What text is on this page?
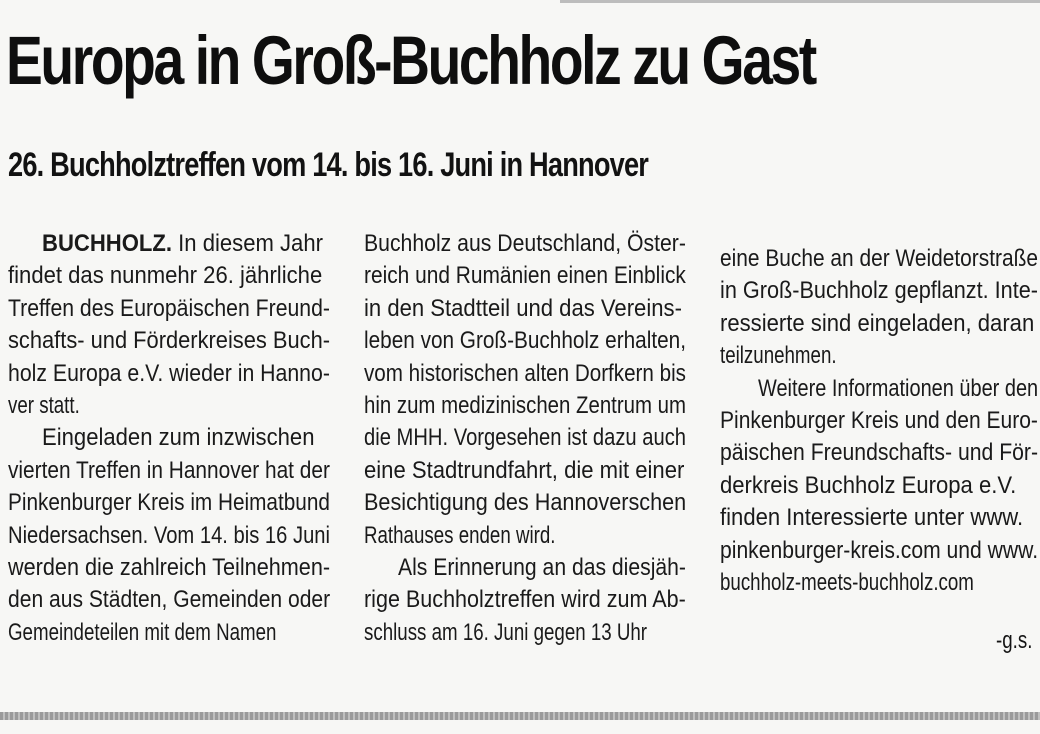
Europa in Groß-Buchholz zu Gast
26. Buchholztreffen vom 14. bis 16. Juni in Hannover
BUCHHOLZ. In diesem Jahr
findet das nunmehr 26. jährliche
Treffen des Europäischen Freund-
schafts- und Förderkreises Buch-
holz Europa e.V. wieder in Hanno-
ver statt.
Eingeladen zum inzwischen
vierten Treffen in Hannover hat der
Pinkenburger Kreis im Heimatbund
Niedersachsen. Vom 14. bis 16 Juni
werden die zahlreich Teilnehmen-
den aus Städten, Gemeinden oder
Gemeindeteilen mit dem Namen
Buchholz aus Deutschland, Öster-
reich und Rumänien einen Einblick
in den Stadtteil und das Vereins-
leben von Groß-Buchholz erhalten,
vom historischen alten Dorfkern bis
hin zum medizinischen Zentrum um
die MHH. Vorgesehen ist dazu auch
eine Stadtrundfahrt, die mit einer
Besichtigung des Hannoverschen
Rathauses enden wird.
Als Erinnerung an das diesjäh-
rige Buchholztreffen wird zum Ab-
schluss am 16. Juni gegen 13 Uhr
eine Buche an der Weidetorstraße
in Groß-Buchholz gepflanzt. Inte-
ressierte sind eingeladen, daran
teilzunehmen.
Weitere Informationen über den
Pinkenburger Kreis und den Euro-
päischen Freundschafts- und För-
derkreis Buchholz Europa e.V.
finden Interessierte unter www.
pinkenburger-kreis.com und www.
buchholz-meets-buchholz.com
-g.s.
